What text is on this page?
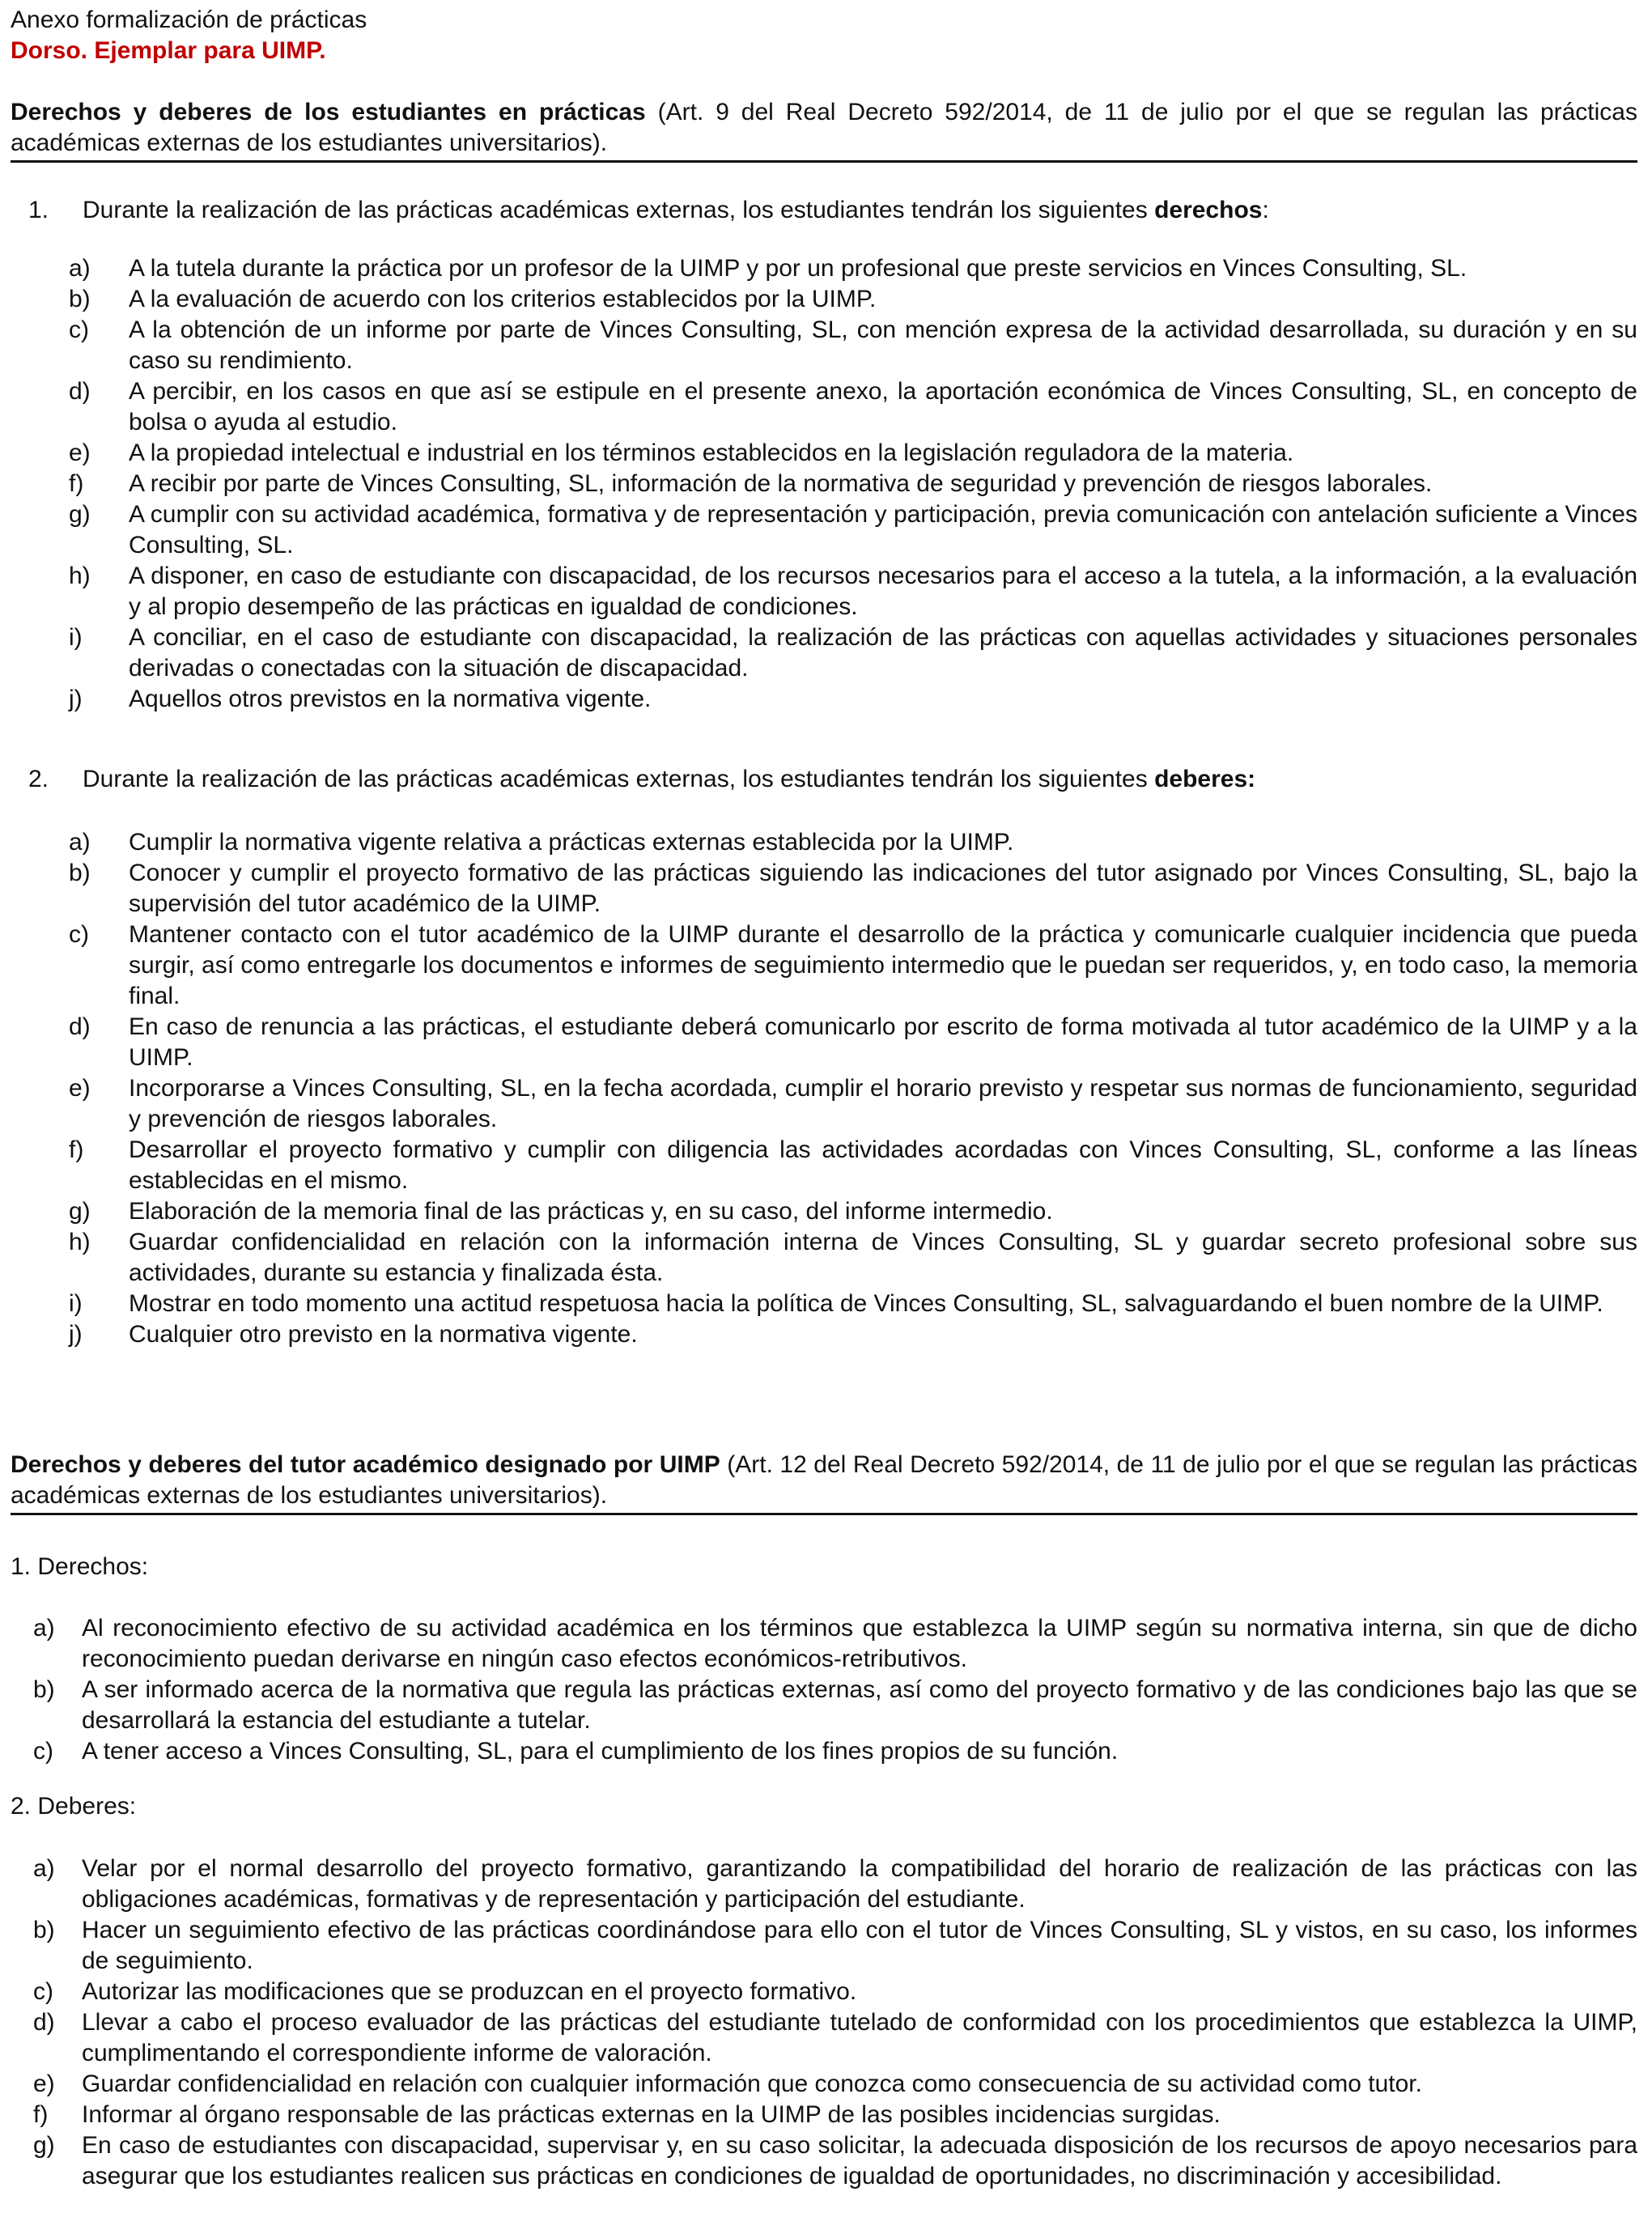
Anexo formalización de prácticas
Dorso. Ejemplar para UIMP.
Derechos y deberes de los estudiantes en prácticas (Art. 9 del Real Decreto 592/2014, de 11 de julio por el que se regulan las prácticas académicas externas de los estudiantes universitarios).
1. Durante la realización de las prácticas académicas externas, los estudiantes tendrán los siguientes derechos:
a) A la tutela durante la práctica por un profesor de la UIMP y por un profesional que preste servicios en Vinces Consulting, SL.
b) A la evaluación de acuerdo con los criterios establecidos por la UIMP.
c) A la obtención de un informe por parte de Vinces Consulting, SL, con mención expresa de la actividad desarrollada, su duración y en su caso su rendimiento.
d) A percibir, en los casos en que así se estipule en el presente anexo, la aportación económica de Vinces Consulting, SL, en concepto de bolsa o ayuda al estudio.
e) A la propiedad intelectual e industrial en los términos establecidos en la legislación reguladora de la materia.
f) A recibir por parte de Vinces Consulting, SL, información de la normativa de seguridad y prevención de riesgos laborales.
g) A cumplir con su actividad académica, formativa y de representación y participación, previa comunicación con antelación suficiente a Vinces Consulting, SL.
h) A disponer, en caso de estudiante con discapacidad, de los recursos necesarios para el acceso a la tutela, a la información, a la evaluación y al propio desempeño de las prácticas en igualdad de condiciones.
i) A conciliar, en el caso de estudiante con discapacidad, la realización de las prácticas con aquellas actividades y situaciones personales derivadas o conectadas con la situación de discapacidad.
j) Aquellos otros previstos en la normativa vigente.
2. Durante la realización de las prácticas académicas externas, los estudiantes tendrán los siguientes deberes:
a) Cumplir la normativa vigente relativa a prácticas externas establecida por la UIMP.
b) Conocer y cumplir el proyecto formativo de las prácticas siguiendo las indicaciones del tutor asignado por Vinces Consulting, SL, bajo la supervisión del tutor académico de la UIMP.
c) Mantener contacto con el tutor académico de la UIMP durante el desarrollo de la práctica y comunicarle cualquier incidencia que pueda surgir, así como entregarle los documentos e informes de seguimiento intermedio que le puedan ser requeridos, y, en todo caso, la memoria final.
d) En caso de renuncia a las prácticas, el estudiante deberá comunicarlo por escrito de forma motivada al tutor académico de la UIMP y a la UIMP.
e) Incorporarse a Vinces Consulting, SL, en la fecha acordada, cumplir el horario previsto y respetar sus normas de funcionamiento, seguridad y prevención de riesgos laborales.
f) Desarrollar el proyecto formativo y cumplir con diligencia las actividades acordadas con Vinces Consulting, SL, conforme a las líneas establecidas en el mismo.
g) Elaboración de la memoria final de las prácticas y, en su caso, del informe intermedio.
h) Guardar confidencialidad en relación con la información interna de Vinces Consulting, SL y guardar secreto profesional sobre sus actividades, durante su estancia y finalizada ésta.
i) Mostrar en todo momento una actitud respetuosa hacia la política de Vinces Consulting, SL, salvaguardando el buen nombre de la UIMP.
j) Cualquier otro previsto en la normativa vigente.
Derechos y deberes del tutor académico designado por UIMP (Art. 12 del Real Decreto 592/2014, de 11 de julio por el que se regulan las prácticas académicas externas de los estudiantes universitarios).
1. Derechos:
a) Al reconocimiento efectivo de su actividad académica en los términos que establezca la UIMP según su normativa interna, sin que de dicho reconocimiento puedan derivarse en ningún caso efectos económicos-retributivos.
b) A ser informado acerca de la normativa que regula las prácticas externas, así como del proyecto formativo y de las condiciones bajo las que se desarrollará la estancia del estudiante a tutelar.
c) A tener acceso a Vinces Consulting, SL, para el cumplimiento de los fines propios de su función.
2. Deberes:
a) Velar por el normal desarrollo del proyecto formativo, garantizando la compatibilidad del horario de realización de las prácticas con las obligaciones académicas, formativas y de representación y participación del estudiante.
b) Hacer un seguimiento efectivo de las prácticas coordinándose para ello con el tutor de Vinces Consulting, SL y vistos, en su caso, los informes de seguimiento.
c) Autorizar las modificaciones que se produzcan en el proyecto formativo.
d) Llevar a cabo el proceso evaluador de las prácticas del estudiante tutelado de conformidad con los procedimientos que establezca la UIMP, cumplimentando el correspondiente informe de valoración.
e) Guardar confidencialidad en relación con cualquier información que conozca como consecuencia de su actividad como tutor.
f) Informar al órgano responsable de las prácticas externas en la UIMP de las posibles incidencias surgidas.
g) En caso de estudiantes con discapacidad, supervisar y, en su caso solicitar, la adecuada disposición de los recursos de apoyo necesarios para asegurar que los estudiantes realicen sus prácticas en condiciones de igualdad de oportunidades, no discriminación y accesibilidad.
